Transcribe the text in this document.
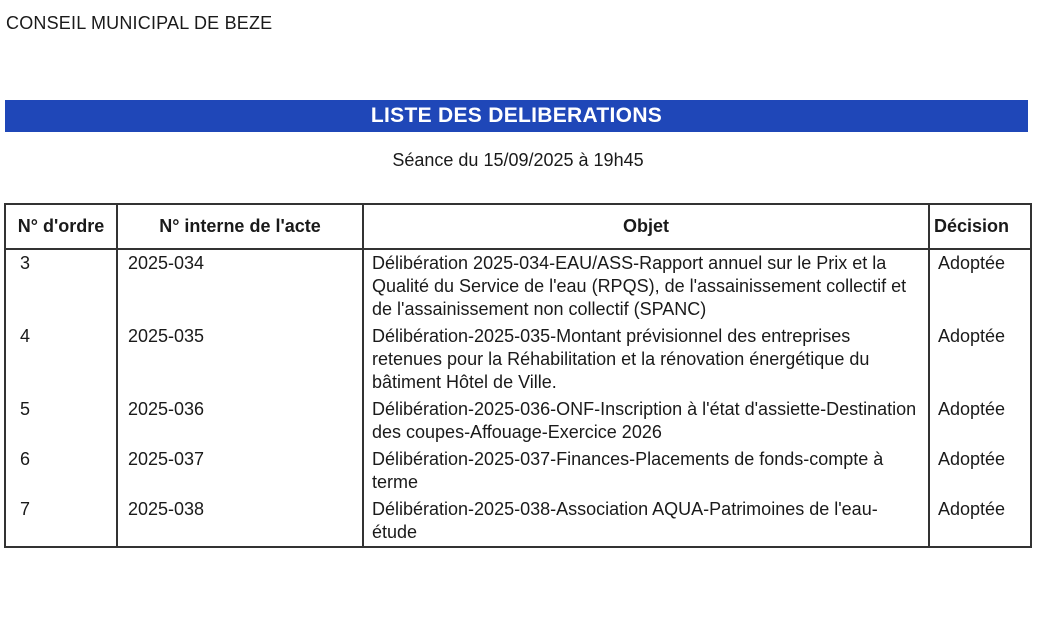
CONSEIL MUNICIPAL DE BEZE
LISTE DES DELIBERATIONS
Séance du 15/09/2025 à 19h45
N° d'ordre	N° interne de l'acte	Objet	Décision
3	2025-034	Délibération 2025-034-EAU/ASS-Rapport annuel sur le Prix et la Qualité du Service de l'eau (RPQS), de l'assainissement collectif et de l'assainissement non collectif (SPANC)	Adoptée
4	2025-035	Délibération-2025-035-Montant prévisionnel des entreprises retenues pour la Réhabilitation et la rénovation énergétique du bâtiment Hôtel de Ville.	Adoptée
5	2025-036	Délibération-2025-036-ONF-Inscription à l'état d'assiette-Destination des coupes-Affouage-Exercice 2026	Adoptée
6	2025-037	Délibération-2025-037-Finances-Placements de fonds-compte à terme	Adoptée
7	2025-038	Délibération-2025-038-Association AQUA-Patrimoines de l'eau-étude	Adoptée
